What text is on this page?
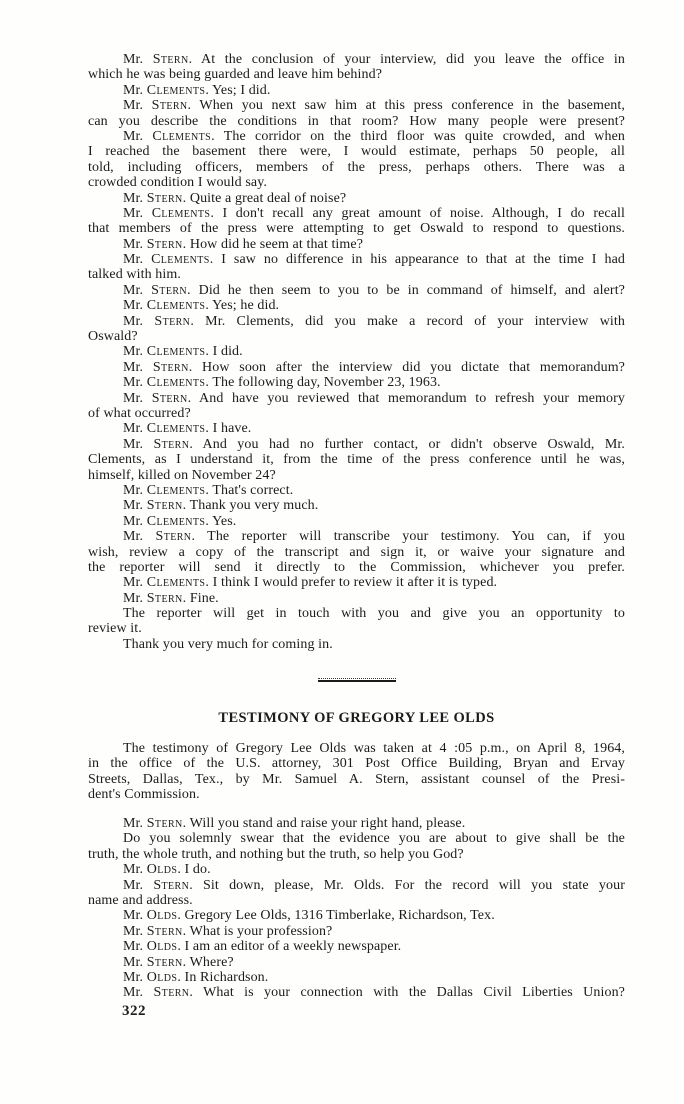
Mr. Stern. At the conclusion of your interview, did you leave the office in
which he was being guarded and leave him behind?
Mr. Clements. Yes; I did.
Mr. Stern. When you next saw him at this press conference in the basement,
can you describe the conditions in that room? How many people were present?
Mr. Clements. The corridor on the third floor was quite crowded, and when
I reached the basement there were, I would estimate, perhaps 50 people, all
told, including officers, members of the press, perhaps others. There was a
crowded condition I would say.
Mr. Stern. Quite a great deal of noise?
Mr. Clements. I don't recall any great amount of noise. Although, I do recall
that members of the press were attempting to get Oswald to respond to questions.
Mr. Stern. How did he seem at that time?
Mr. Clements. I saw no difference in his appearance to that at the time I had
talked with him.
Mr. Stern. Did he then seem to you to be in command of himself, and alert?
Mr. Clements. Yes; he did.
Mr. Stern. Mr. Clements, did you make a record of your interview with
Oswald?
Mr. Clements. I did.
Mr. Stern. How soon after the interview did you dictate that memorandum?
Mr. Clements. The following day, November 23, 1963.
Mr. Stern. And have you reviewed that memorandum to refresh your memory
of what occurred?
Mr. Clements. I have.
Mr. Stern. And you had no further contact, or didn't observe Oswald, Mr.
Clements, as I understand it, from the time of the press conference until he was,
himself, killed on November 24?
Mr. Clements. That's correct.
Mr. Stern. Thank you very much.
Mr. Clements. Yes.
Mr. Stern. The reporter will transcribe your testimony. You can, if you
wish, review a copy of the transcript and sign it, or waive your signature and
the reporter will send it directly to the Commission, whichever you prefer.
Mr. Clements. I think I would prefer to review it after it is typed.
Mr. Stern. Fine.
The reporter will get in touch with you and give you an opportunity to
review it.
Thank you very much for coming in.
TESTIMONY OF GREGORY LEE OLDS
The testimony of Gregory Lee Olds was taken at 4 :05 p.m., on April 8, 1964,
in the office of the U.S. attorney, 301 Post Office Building, Bryan and Ervay
Streets, Dallas, Tex., by Mr. Samuel A. Stern, assistant counsel of the Presi-
dent's Commission.
Mr. Stern. Will you stand and raise your right hand, please.
Do you solemnly swear that the evidence you are about to give shall be the
truth, the whole truth, and nothing but the truth, so help you God?
Mr. Olds. I do.
Mr. Stern. Sit down, please, Mr. Olds. For the record will you state your
name and address.
Mr. Olds. Gregory Lee Olds, 1316 Timberlake, Richardson, Tex.
Mr. Stern. What is your profession?
Mr. Olds. I am an editor of a weekly newspaper.
Mr. Stern. Where?
Mr. Olds. In Richardson.
Mr. Stern. What is your connection with the Dallas Civil Liberties Union?
322
